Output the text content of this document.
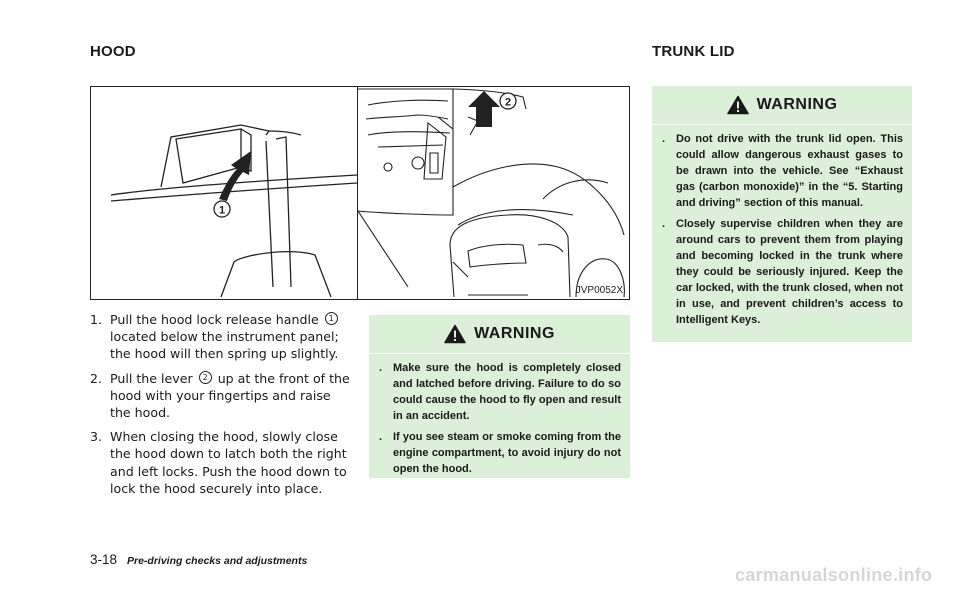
HOOD	TRUNK LID
1
2
JVP0052X
1. Pull the hood lock release handle 1 located below the instrument panel; the hood will then spring up slightly.
2. Pull the lever 2 up at the front of the hood with your fingertips and raise the hood.
3. When closing the hood, slowly close the hood down to latch both the right and left locks. Push the hood down to lock the hood securely into place.
WARNING
. Make sure the hood is completely closed and latched before driving. Failure to do so could cause the hood to fly open and result in an accident.
. If you see steam or smoke coming from the engine compartment, to avoid injury do not open the hood.
WARNING
. Do not drive with the trunk lid open. This could allow dangerous exhaust gases to be drawn into the vehicle. See “Exhaust gas (carbon monoxide)” in the “5. Starting and driving” section of this manual.
. Closely supervise children when they are around cars to prevent them from playing and becoming locked in the trunk where they could be seriously injured. Keep the car locked, with the trunk closed, when not in use, and prevent children’s access to Intelligent Keys.
3-18 Pre-driving checks and adjustments
carmanualsonline.info
